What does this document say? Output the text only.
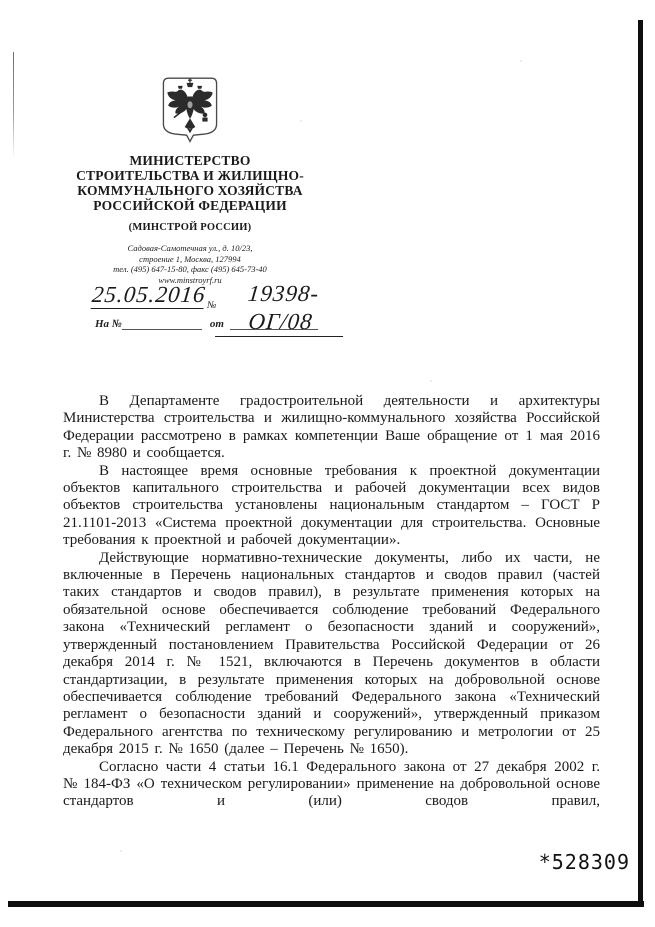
МИНИСТЕРСТВО
СТРОИТЕЛЬСТВА И ЖИЛИЩНО-
КОММУНАЛЬНОГО ХОЗЯЙСТВА
РОССИЙСКОЙ ФЕДЕРАЦИИ
(МИНСТРОЙ РОССИИ)
Садовая-Самотечная ул., д. 10/23,
строение 1, Москва, 127994
тел. (495) 647-15-80, факс (495) 645-73-40
www.minstroyrf.ru
25.05.2016 №	19398-ОГ/08
На №	от

В Департаменте градостроительной деятельности и архитектуры Министерства строительства и жилищно-коммунального хозяйства Российской Федерации рассмотрено в рамках компетенции Ваше обращение от 1 мая 2016 г. № 8980 и сообщается.

В настоящее время основные требования к проектной документации объектов капитального строительства и рабочей документации всех видов объектов строительства установлены национальным стандартом – ГОСТ Р 21.1101-2013 «Система проектной документации для строительства. Основные требования к проектной и рабочей документации».

Действующие нормативно-технические документы, либо их части, не включенные в Перечень национальных стандартов и сводов правил (частей таких стандартов и сводов правил), в результате применения которых на обязательной основе обеспечивается соблюдение требований Федерального закона «Технический регламент о безопасности зданий и сооружений», утвержденный постановлением Правительства Российской Федерации от 26 декабря 2014 г. № 1521, включаются в Перечень документов в области стандартизации, в результате применения которых на добровольной основе обеспечивается соблюдение требований Федерального закона «Технический регламент о безопасности зданий и сооружений», утвержденный приказом Федерального агентства по техническому регулированию и метрологии от 25 декабря 2015 г. № 1650 (далее – Перечень № 1650).

Согласно части 4 статьи 16.1 Федерального закона от 27 декабря 2002 г. № 184-ФЗ «О техническом регулировании» применение на добровольной основе стандартов и (или) сводов правил,

*528309
